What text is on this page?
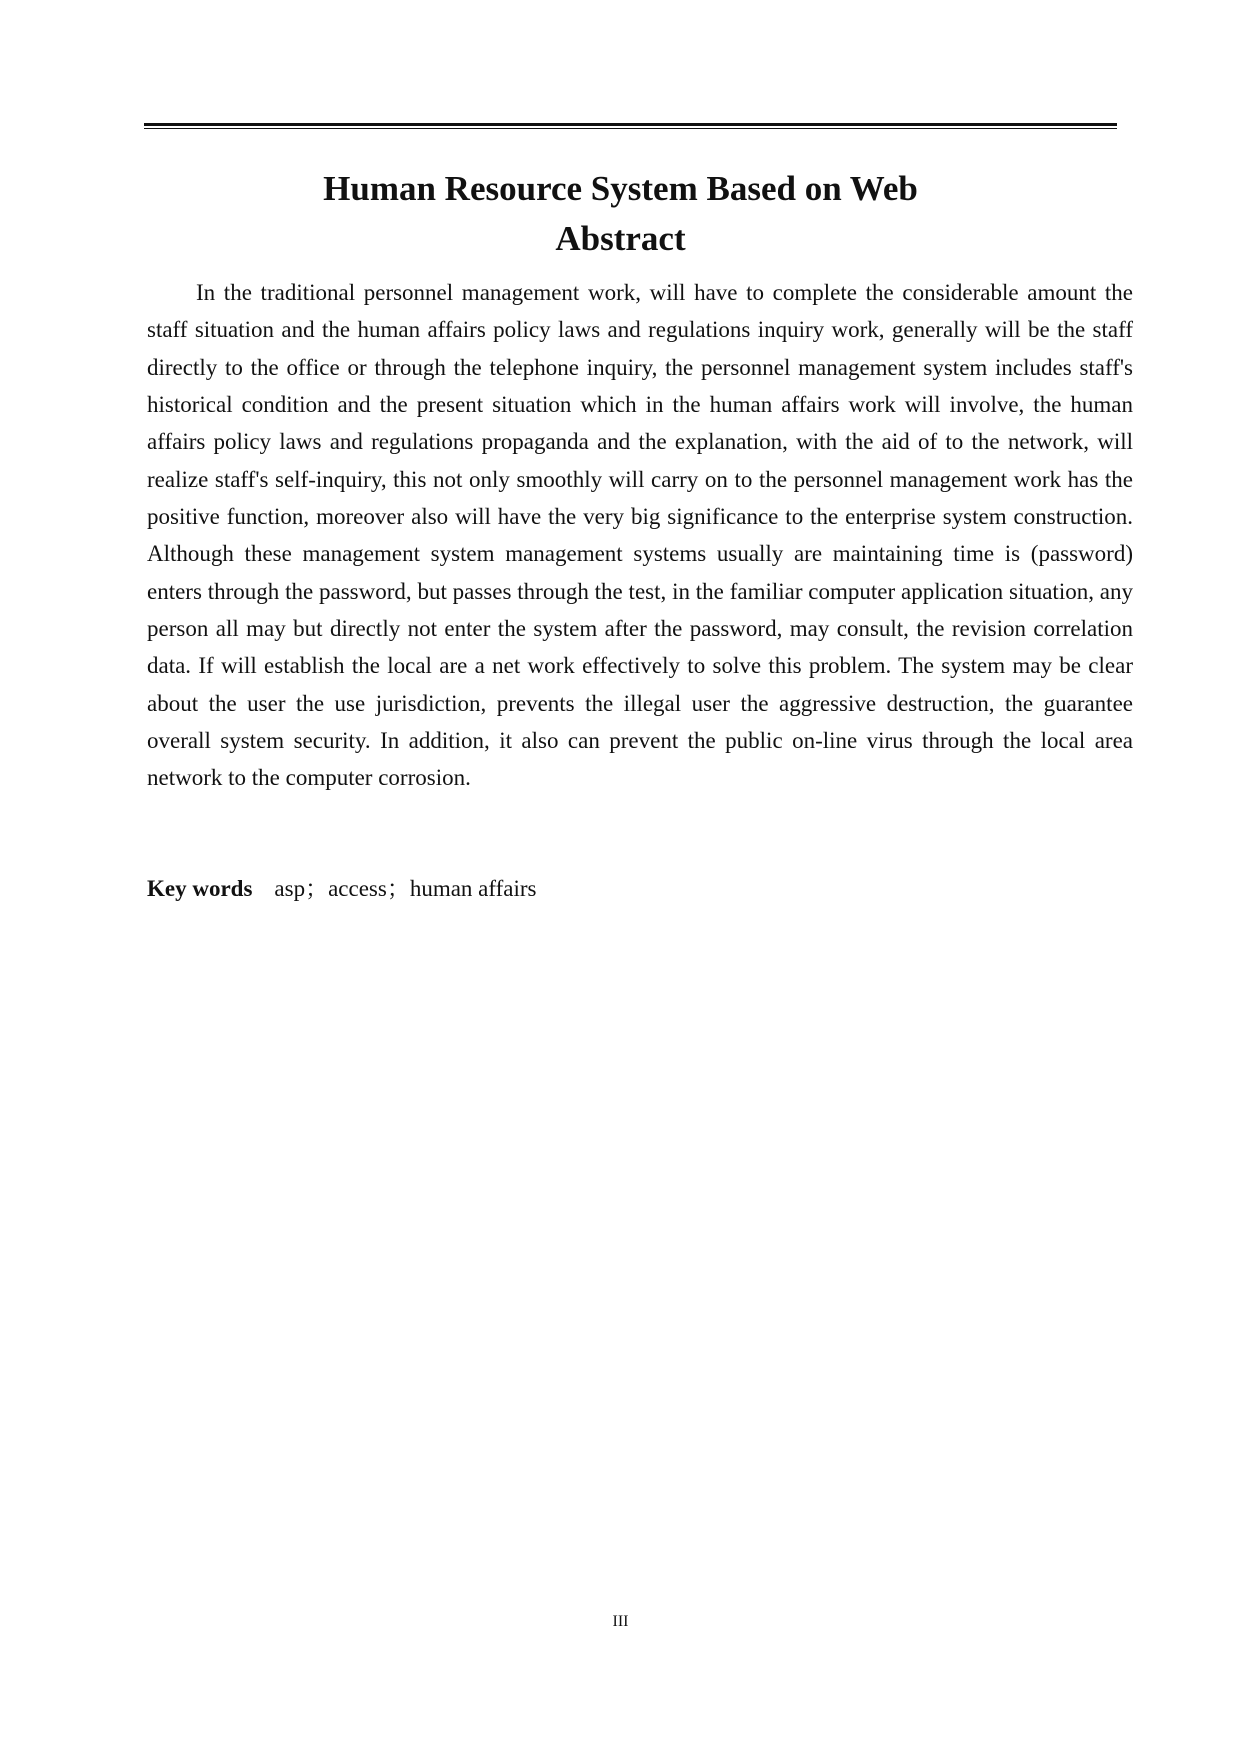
Human Resource System Based on Web
Abstract

In the traditional personnel management work, will have to complete the considerable amount the staff situation and the human affairs policy laws and regulations inquiry work, generally will be the staff directly to the office or through the telephone inquiry, the personnel management system includes staff's historical condition and the present situation which in the human affairs work will involve, the human affairs policy laws and regulations propaganda and the explanation, with the aid of to the network, will realize staff's self-inquiry, this not only smoothly will carry on to the personnel management work has the positive function, moreover also will have the very big significance to the enterprise system construction. Although these management system management systems usually are maintaining time is (password) enters through the password, but passes through the test, in the familiar computer application situation, any person all may but directly not enter the system after the password, may consult, the revision correlation data. If will establish the local are a net work effectively to solve this problem. The system may be clear about the user the use jurisdiction, prevents the illegal user the aggressive destruction, the guarantee overall system security. In addition, it also can prevent the public on-line virus through the local area network to the computer corrosion.

Key words asp；access；human affairs
III
